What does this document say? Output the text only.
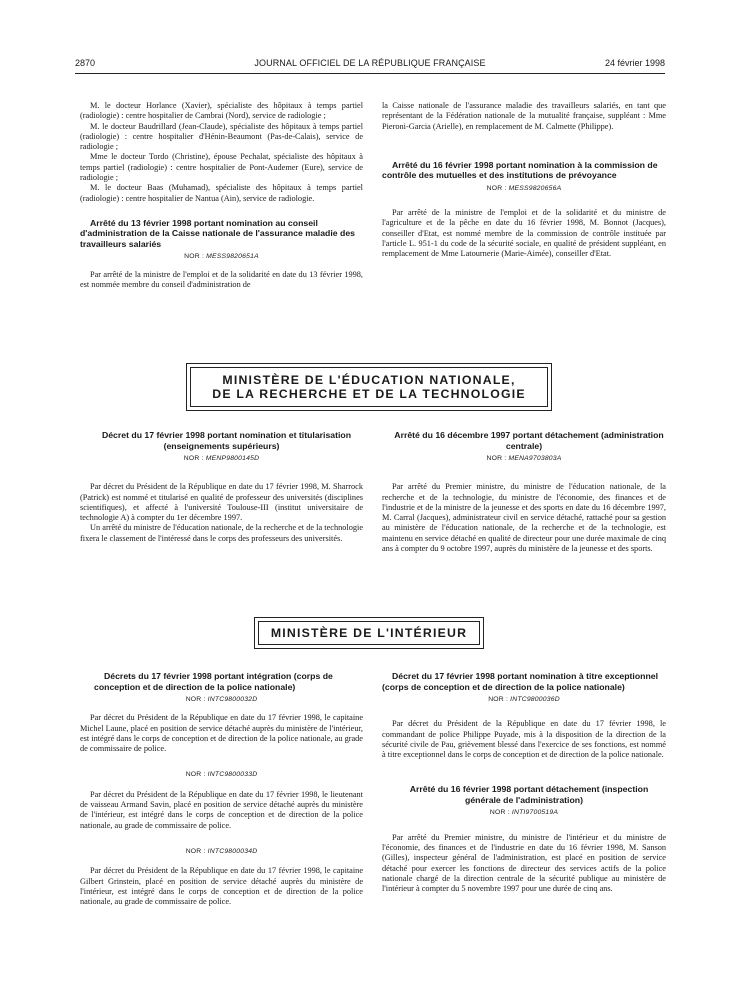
2870	JOURNAL OFFICIEL DE LA RÉPUBLIQUE FRANÇAISE	24 février 1998

M. le docteur Horlance (Xavier), spécialiste des hôpitaux à temps partiel (radiologie) : centre hospitalier de Cambrai (Nord), service de radiologie ;

M. le docteur Baudrillard (Jean-Claude), spécialiste des hôpitaux à temps partiel (radiologie) : centre hospitalier d'Hénin-Beaumont (Pas-de-Calais), service de radiologie ;

Mme le docteur Tordo (Christine), épouse Pechalat, spécialiste des hôpitaux à temps partiel (radiologie) : centre hospitalier de Pont-Audemer (Eure), service de radiologie ;

M. le docteur Baas (Muhamad), spécialiste des hôpitaux à temps partiel (radiologie) : centre hospitalier de Nantua (Ain), service de radiologie.

Arrêté du 13 février 1998 portant nomination au conseil d'administration de la Caisse nationale de l'assurance maladie des travailleurs salariés

NOR : MESS9820651A

Par arrêté de la ministre de l'emploi et de la solidarité en date du 13 février 1998, est nommée membre du conseil d'administration de

la Caisse nationale de l'assurance maladie des travailleurs salariés, en tant que représentant de la Fédération nationale de la mutualité française, suppléant : Mme Pieroni-Garcia (Arielle), en remplacement de M. Calmette (Philippe).

Arrêté du 16 février 1998 portant nomination à la commission de contrôle des mutuelles et des institutions de prévoyance

NOR : MESS9820656A

Par arrêté de la ministre de l'emploi et de la solidarité et du ministre de l'agriculture et de la pêche en date du 16 février 1998, M. Bonnot (Jacques), conseiller d'Etat, est nommé membre de la commission de contrôle instituée par l'article L. 951-1 du code de la sécurité sociale, en qualité de président suppléant, en remplacement de Mme Latournerie (Marie-Aimée), conseiller d'Etat.

MINISTÈRE DE L'ÉDUCATION NATIONALE,
DE LA RECHERCHE ET DE LA TECHNOLOGIE

Décret du 17 février 1998 portant nomination et titularisation (enseignements supérieurs)

NOR : MENP9800145D

Par décret du Président de la République en date du 17 février 1998, M. Sharrock (Patrick) est nommé et titularisé en qualité de professeur des universités (disciplines scientifiques), et affecté à l'université Toulouse-III (institut universitaire de technologie A) à compter du 1er décembre 1997.

Un arrêté du ministre de l'éducation nationale, de la recherche et de la technologie fixera le classement de l'intéressé dans le corps des professeurs des universités.

Arrêté du 16 décembre 1997 portant détachement (administration centrale)

NOR : MENA9703803A

Par arrêté du Premier ministre, du ministre de l'éducation nationale, de la recherche et de la technologie, du ministre de l'économie, des finances et de l'industrie et de la ministre de la jeunesse et des sports en date du 16 décembre 1997, M. Carral (Jacques), administrateur civil en service détaché, rattaché pour sa gestion au ministère de l'éducation nationale, de la recherche et de la technologie, est maintenu en service détaché en qualité de directeur pour une durée maximale de cinq ans à compter du 9 octobre 1997, auprès du ministère de la jeunesse et des sports.

MINISTÈRE DE L'INTÉRIEUR

Décrets du 17 février 1998 portant intégration (corps de conception et de direction de la police nationale)

NOR : INTC9800032D

Par décret du Président de la République en date du 17 février 1998, le capitaine Michel Laune, placé en position de service détaché auprès du ministère de l'intérieur, est intégré dans le corps de conception et de direction de la police nationale, au grade de commissaire de police.

NOR : INTC9800033D

Par décret du Président de la République en date du 17 février 1998, le lieutenant de vaisseau Armand Savin, placé en position de service détaché auprès du ministère de l'intérieur, est intégré dans le corps de conception et de direction de la police nationale, au grade de commissaire de police.

NOR : INTC9800034D

Par décret du Président de la République en date du 17 février 1998, le capitaine Gilbert Grinstein, placé en position de service détaché auprès du ministère de l'intérieur, est intégré dans le corps de conception et de direction de la police nationale, au grade de commissaire de police.

Décret du 17 février 1998 portant nomination à titre exceptionnel (corps de conception et de direction de la police nationale)

NOR : INTC9800036D

Par décret du Président de la République en date du 17 février 1998, le commandant de police Philippe Puyade, mis à la disposition de la direction de la sécurité civile de Pau, grièvement blessé dans l'exercice de ses fonctions, est nommé à titre exceptionnel dans le corps de conception et de direction de la police nationale.

Arrêté du 16 février 1998 portant détachement (inspection générale de l'administration)

NOR : INTI9700519A

Par arrêté du Premier ministre, du ministre de l'intérieur et du ministre de l'économie, des finances et de l'industrie en date du 16 février 1998, M. Sanson (Gilles), inspecteur général de l'administration, est placé en position de service détaché pour exercer les fonctions de directeur des services actifs de la police nationale chargé de la direction centrale de la sécurité publique au ministère de l'intérieur à compter du 5 novembre 1997 pour une durée de cinq ans.
